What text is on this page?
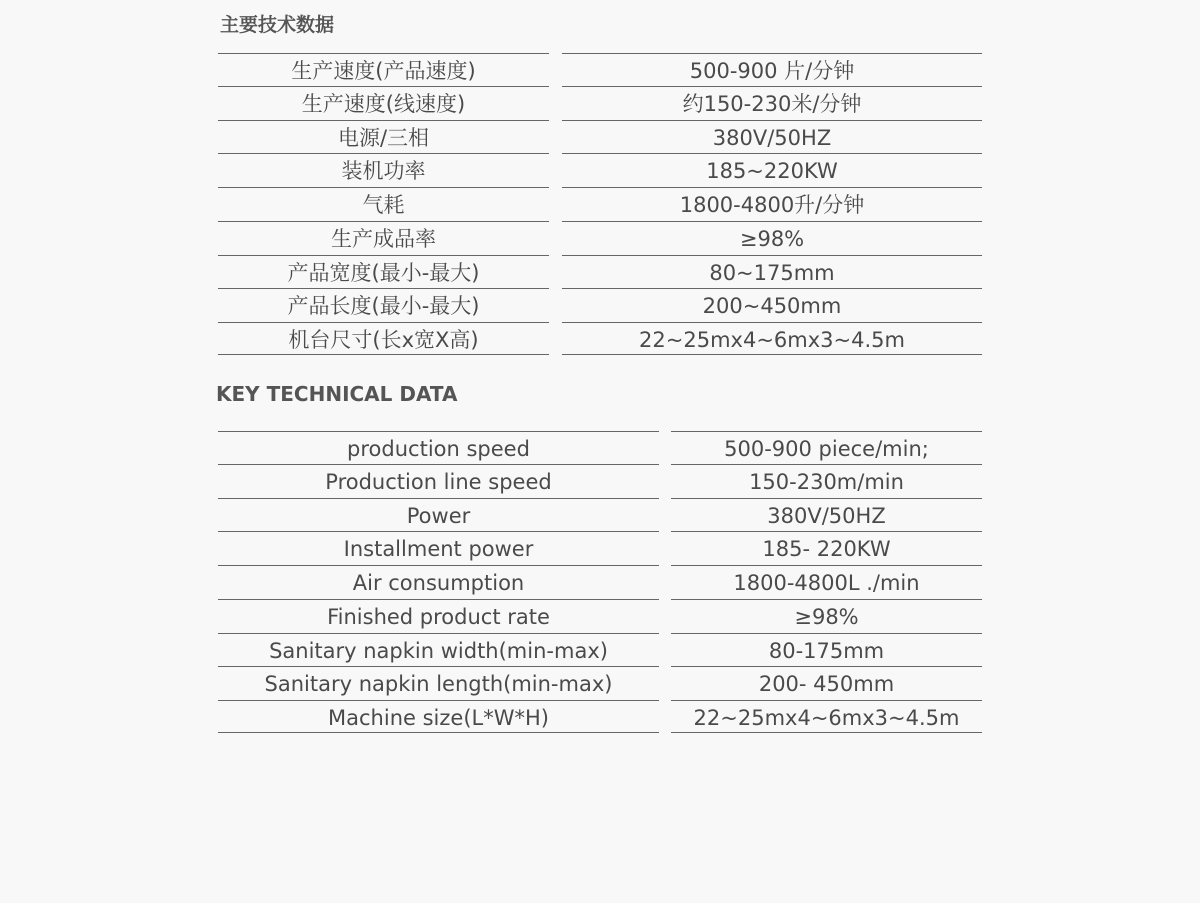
主要技术数据
生产速度(产品速度)	500-900 片/分钟
生产速度(线速度)	约150-230米/分钟
电源/三相	380V/50HZ
装机功率	185~220KW
气耗	1800-4800升/分钟
生产成品率	≥98%
产品宽度(最小-最大)	80~175mm
产品长度(最小-最大)	200~450mm
机台尺寸(长x宽X高)	22~25mx4~6mx3~4.5m
KEY TECHNICAL DATA
production speed	500-900 piece/min;
Production line speed	150-230m/min
Power	380V/50HZ
Installment power	185- 220KW
Air consumption	1800-4800L ./min
Finished product rate	≥98%
Sanitary napkin width(min-max)	80-175mm
Sanitary napkin length(min-max)	200- 450mm
Machine size(L*W*H)	22~25mx4~6mx3~4.5m
